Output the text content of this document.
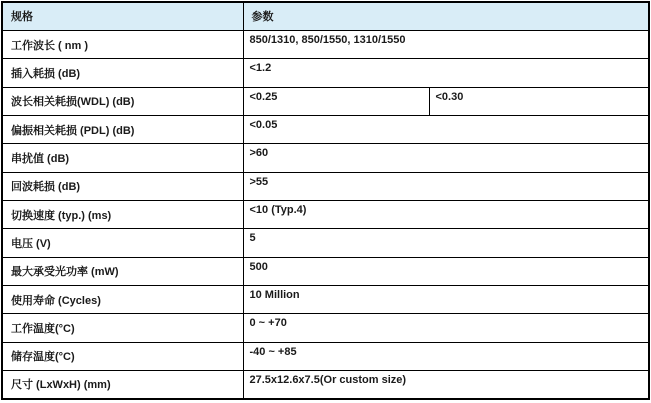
规格	参数	
工作波长 ( nm )	850/1310, 850/1550, 1310/1550	
插入耗损 (dB)	<1.2	
波长相关耗损(WDL) (dB)	<0.25	<0.30
偏振相关耗损 (PDL) (dB)	<0.05	
串扰值 (dB)	>60	
回波耗损 (dB)	>55	
切换速度 (typ.) (ms)	<10 (Typ.4)	
电压 (V)	5	
最大承受光功率 (mW)	500	
使用寿命 (Cycles)	10 Million	
工作温度(°C)	0 ~ +70	
储存温度(°C)	-40 ~ +85	
尺寸 (LxWxH) (mm)	27.5x12.6x7.5(Or custom size)	
